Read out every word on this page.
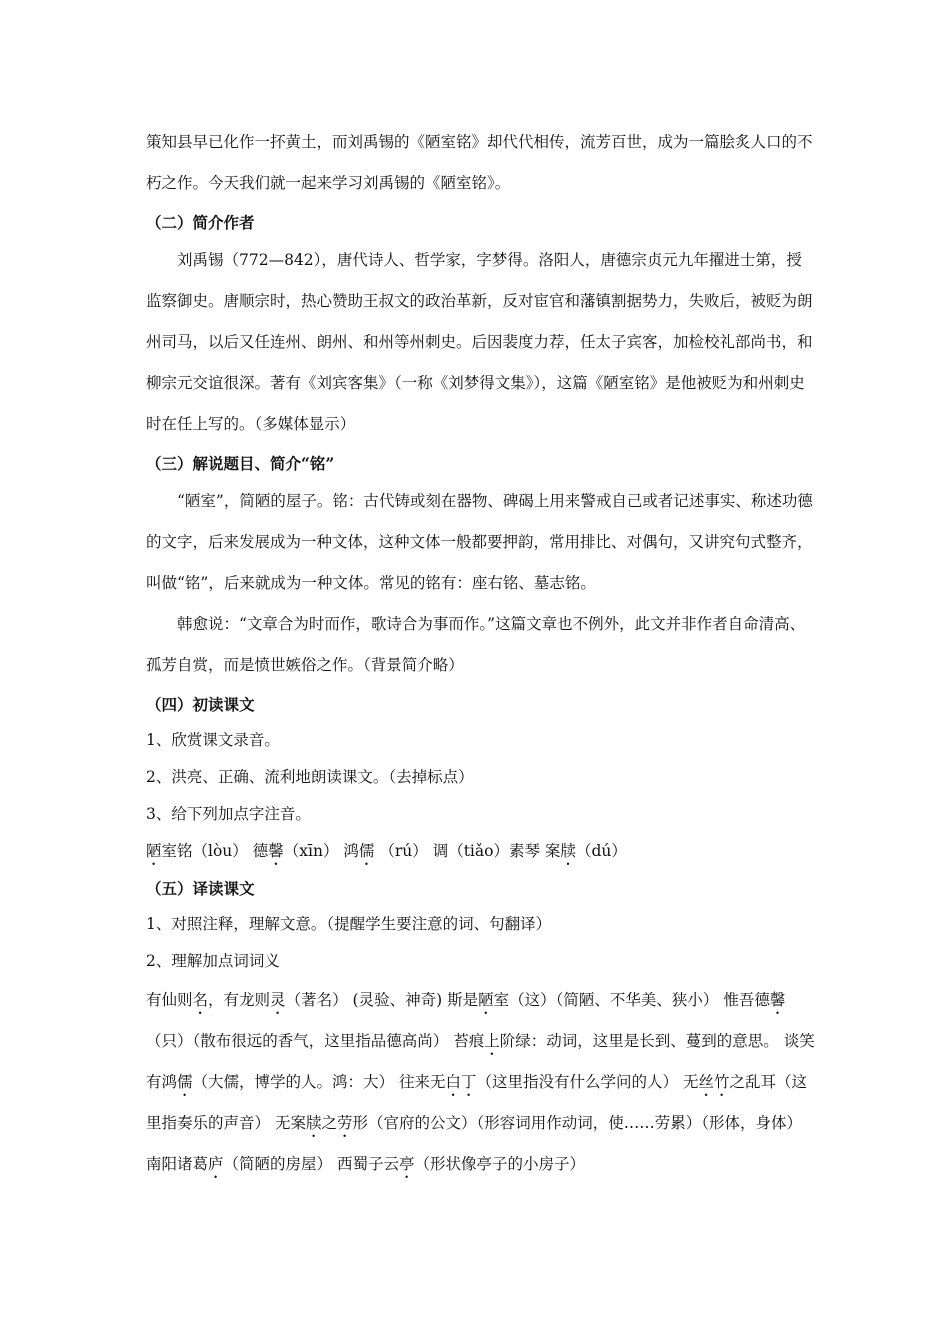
策知县早已化作一抔黄土，而刘禹锡的《陋室铭》却代代相传，流芳百世，成为一篇脍炙人口的不朽之作。今天我们就一起来学习刘禹锡的《陋室铭》。

（二）简介作者

刘禹锡（772—842），唐代诗人、哲学家，字梦得。洛阳人，唐德宗贞元九年擢进士第，授监察御史。唐顺宗时，热心赞助王叔文的政治革新，反对宦官和藩镇割据势力，失败后，被贬为朗州司马，以后又任连州、朗州、和州等州刺史。后因裴度力荐，任太子宾客，加检校礼部尚书，和柳宗元交谊很深。著有《刘宾客集》（一称《刘梦得文集》），这篇《陋室铭》是他被贬为和州刺史时在任上写的。（多媒体显示）

（三）解说题目、简介“铭”

“陋室”，简陋的屋子。铭：古代铸或刻在器物、碑碣上用来警戒自己或者记述事实、称述功德的文字，后来发展成为一种文体，这种文体一般都要押韵，常用排比、对偶句，又讲究句式整齐，叫做“铭”，后来就成为一种文体。常见的铭有：座右铭、墓志铭。

韩愈说：“文章合为时而作，歌诗合为事而作。”这篇文章也不例外，此文并非作者自命清高、孤芳自赏，而是愤世嫉俗之作。（背景简介略）

（四）初读课文

1、欣赏课文录音。

2、洪亮、正确、流利地朗读课文。（去掉标点）

3、给下列加点字注音。

陋室铭（lòu） 德馨（xīn） 鸿儒 （rú） 调（tiǎo）素琴 案牍（dú）

（五）译读课文

1、对照注释，理解文意。（提醒学生要注意的词、句翻译）

2、理解加点词词义

有仙则名，有龙则灵（著名） (灵验、神奇) 斯是陋室（这）（简陋、不华美、狭小） 惟吾德馨（只）（散布很远的香气，这里指品德高尚） 苔痕上阶绿：动词，这里是长到、蔓到的意思。 谈笑有鸿儒（大儒，博学的人。鸿：大） 往来无白丁（这里指没有什么学问的人） 无丝竹之乱耳（这里指奏乐的声音） 无案牍之劳形（官府的公文）（形容词用作动词，使……劳累）（形体，身体） 南阳诸葛庐（简陋的房屋） 西蜀子云亭（形状像亭子的小房子）
